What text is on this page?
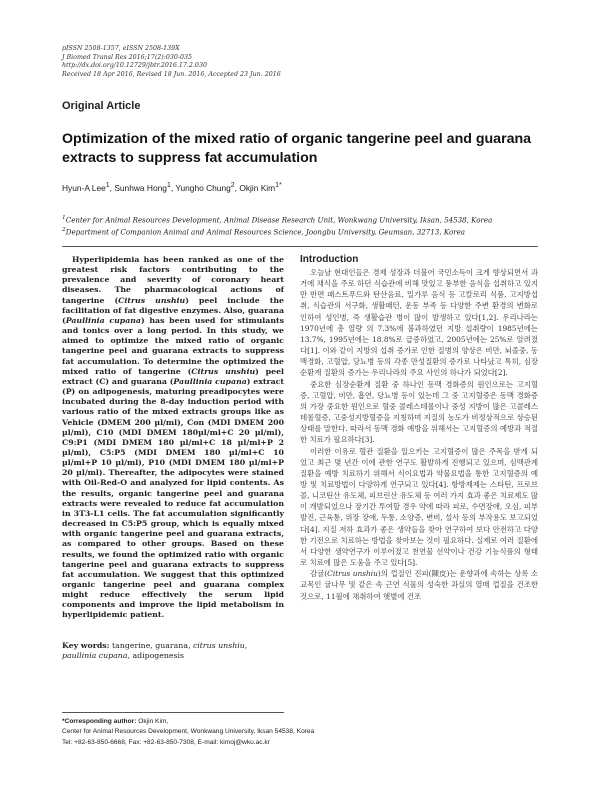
pISSN 2508-1357, eISSN 2508-139X
J Biomed Transl Res 2016;17(2):030-035
http://dx.doi.org/10.12729/jbtr.2016.17.2.030
Received 18 Apr 2016, Revised 18 Jun. 2016, Accepted 23 Jun. 2016
Original Article
Optimization of the mixed ratio of organic tangerine peel and guarana extracts to suppress fat accumulation
Hyun-A Lee$^1$, Sunhwa Hong$^1$, Yungho Chung$^2$, Okjin Kim$^{1*}$
$^1$Center for Animal Resources Development, Animal Disease Research Unit, Wonkwang University, Iksan, 54538, Korea
$^2$Department of Companion Animal and Animal Resources Science, Joongbu University, Geumsan, 32713, Korea

Hyperlipidemia has been ranked as one of the greatest risk factors contributing to the prevalence and severity of coronary heart diseases. The pharmacological actions of tangerine (Citrus unshiu) peel include the facilitation of fat digestive enzymes. Also, guarana (Paullinia cupana) has been used for stimulants and tonics over a long period. In this study, we aimed to optimize the mixed ratio of organic tangerine peel and guarana extracts to suppress fat accumulation. To determine the optimized the mixed ratio of tangerine (Citrus unshiu) peel extract (C) and guarana (Paullinia cupana) extract (P) on adipogenesis, maturing preadipocytes were incubated during the 8-day induction period with various ratio of the mixed extracts groups like as Vehicle (DMEM 200 µl/ml), Con (MDI DMEM 200 µl/ml), C10 (MDI DMEM 180µl/ml+C 20 µl/ml), C9:P1 (MDI DMEM 180 µl/ml+C 18 µl/ml+P 2 µl/ml), C5:P5 (MDI DMEM 180 µl/ml+C 10 µl/ml+P 10 µl/ml), P10 (MDI DMEM 180 µl/ml+P 20 µl/ml). Thereafter, the adipocytes were stained with Oil-Red-O and analyzed for lipid contents. As the results, organic tangerine peel and guarana extracts were revealed to reduce fat accumulation in 3T3-L1 cells. The fat accumulation significantly decreased in C5:P5 group, which is equally mixed with organic tangerine peel and guarana extracts, as compared to other groups. Based on these results, we found the optimized ratio with organic tangerine peel and guarana extracts to suppress fat accumulation. We suggest that this optimized organic tangerine peel and guarana complex might reduce effectively the serum lipid components and improve the lipid metabolism in hyperlipidemic patient.

Key words: tangerine, guarana, citrus unshiu, paullinia cupana, adipogenesis
*Corresponding author: Okjin Kim,
Center for Animal Resources Development, Wonkwang University, Iksan 54538, Korea
Tel: +82-63-850-6668, Fax: +82-63-850-7308, E-mail: kimoj@wku.ac.kr
Introduction

오늘날 현대인들은 경제 성장과 더불어 국민소득이 크게 향상되면서 과거에 채식을 주로 하던 식습관에 비해 맛있고 풍부한 음식을 섭취하고 있지만 반면 패스트푸드와 탄산음료, 밀가루 음식 등 고칼로리 식품, 고지방섭취, 식습관의 서구화, 생활패턴, 운동 부족 등 다양한 주변 환경의 변화로 인하여 성인병, 즉 생활습관 병이 많이 발생하고 있다[1,2]. 우리나라는 1970년에 총 열량 의 7.3%에 불과하였던 지방 섭취량이 1985년에는 13.7%, 1995년에는 18.8%로 급증하였고, 2005년에는 25%로 알려졌다[1]. 이와 같이 지방의 섭취 증가로 인한 질병의 양상은 비만, 뇌졸중, 동맥경화, 고혈압, 당뇨병 등의 각종 만성질환의 증가로 나타났고 특히, 심장 순환계 질환의 증가는 우리나라의 주요 사인의 하나가 되었다[2].

중요한 심장순환계 질환 중 하나인 동맥 경화증의 원인으로는 고지혈증, 고혈압, 비만, 흡연, 당뇨병 등이 있는데 그 중 고지혈증은 동맥 경화증의 가장 중요한 원인으로 혈중 콜레스테롤이나 중성 지방이 많은 고콜레스테롤혈증, 고중성지방혈증을 지칭하며 지질의 농도가 비정상적으로 상승된 상태를 말한다. 따라서 동맥 경화 예방을 위해서는 고지혈증의 예방과 적절한 치료가 필요하다[3].

이러한 이유로 혈관 질환을 일으키는 고지혈증이 많은 주목을 받게 되었고 최근 몇 년간 이에 관한 연구도 활발하게 진행되고 있으며, 심맥관계 질환을 예방 치료하기 위해서 식이요법과 약물요법을 통한 고지혈증의 예방 및 치료방법이 다양하게 연구되고 있다[4]. 항방제제는 스타틴, 프로브콜, 니코틴산 유도체, 피브린산 유도체 등 여러 가지 효과 좋은 치료제도 많이 개발되었으나 장기간 투여할 경우 약에 따라 피로, 수면장애, 오심, 피부 발진, 근육통, 위장 장애, 두통, 소양증, 변비, 설사 등의 부작용도 보고되었다[4]. 지질 저하 효과가 좋은 생약들을 찾아 연구하여 보다 안전하고 다양한 기전으로 치료하는 방법을 찾아보는 것이 필요하다. 실제로 여러 질환에서 다양한 생약연구가 이루어졌고 천연물 선약이나 건강 기능식품의 형태로 치료에 많은 도움을 주고 있다[5].

감귤(Citrus unshiu)의 껍질인 진피(陳皮)는 운향과에 속하는 상록 소교목인 귤나무 및 같은 속 근연 식물의 성숙한 과실의 열매 껍질을 건조한 것으로, 11월에 채취하여 햇볕에 건조
